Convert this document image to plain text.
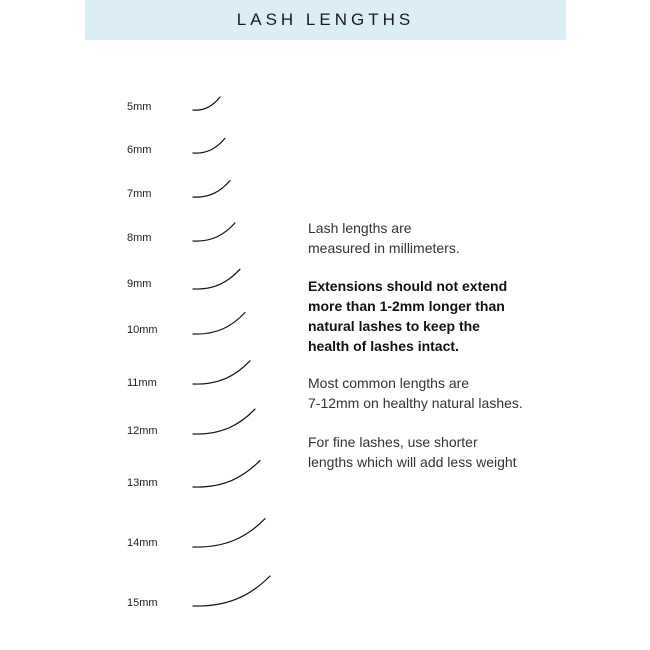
LASH LENGTHS
5mm
6mm
7mm
8mm
9mm
10mm
11mm
12mm
13mm
14mm
15mm

Lash lengths are
measured in millimeters.

Extensions should not extend
more than 1-2mm longer than
natural lashes to keep the
health of lashes intact.

Most common lengths are
7-12mm on healthy natural lashes.

For fine lashes, use shorter
lengths which will add less weight
